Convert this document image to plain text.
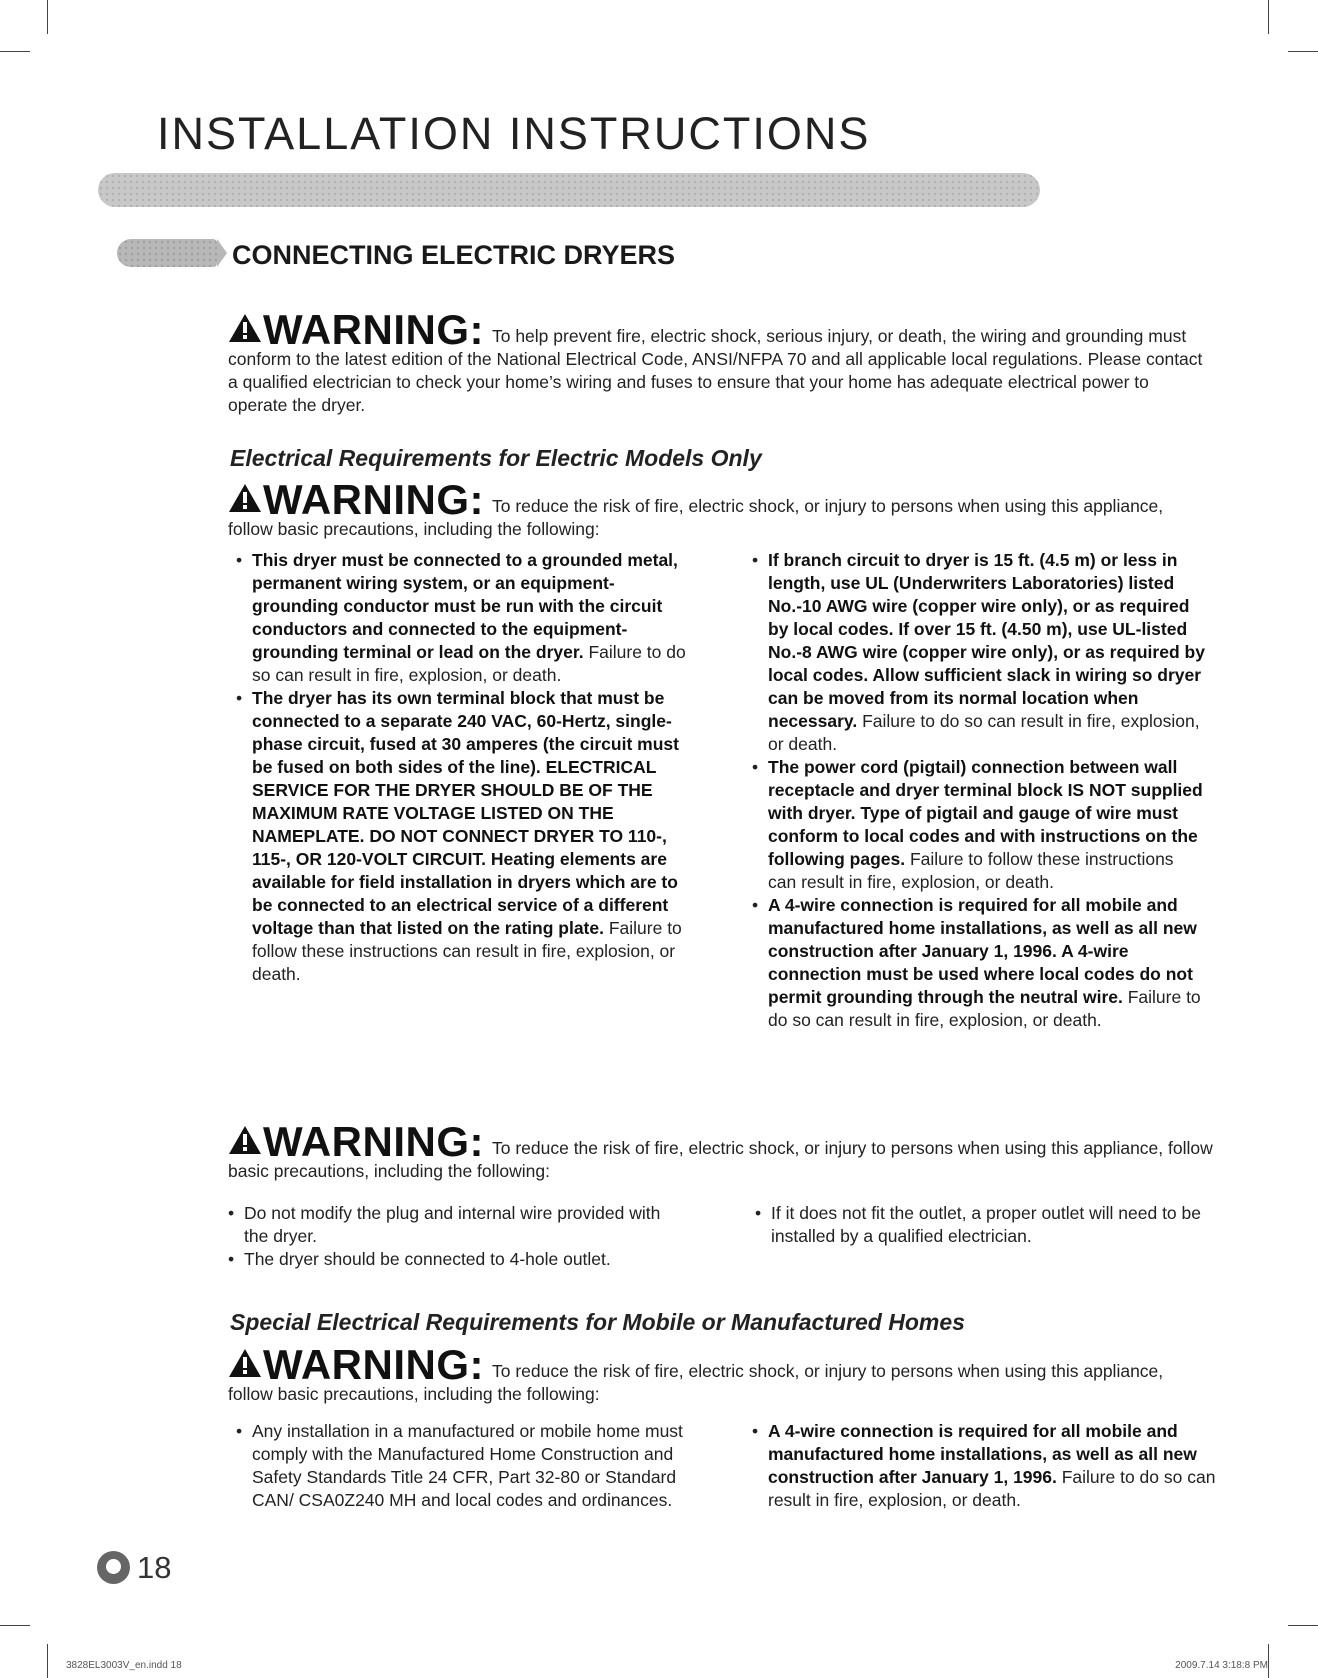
INSTALLATION INSTRUCTIONS
CONNECTING ELECTRIC DRYERS
WARNING: To help prevent fire, electric shock, serious injury, or death, the wiring and grounding must conform to the latest edition of the National Electrical Code, ANSI/NFPA 70 and all applicable local regulations. Please contact a qualified electrician to check your home’s wiring and fuses to ensure that your home has adequate electrical power to operate the dryer.
Electrical Requirements for Electric Models Only
WARNING: To reduce the risk of fire, electric shock, or injury to persons when using this appliance, follow basic precautions, including the following:
• This dryer must be connected to a grounded metal, permanent wiring system, or an equipment-grounding conductor must be run with the circuit conductors and connected to the equipment-grounding terminal or lead on the dryer. Failure to do so can result in fire, explosion, or death.
• The dryer has its own terminal block that must be connected to a separate 240 VAC, 60-Hertz, single-phase circuit, fused at 30 amperes (the circuit must be fused on both sides of the line). ELECTRICAL SERVICE FOR THE DRYER SHOULD BE OF THE MAXIMUM RATE VOLTAGE LISTED ON THE NAMEPLATE. DO NOT CONNECT DRYER TO 110-, 115-, OR 120-VOLT CIRCUIT. Heating elements are available for field installation in dryers which are to be connected to an electrical service of a different voltage than that listed on the rating plate. Failure to follow these instructions can result in fire, explosion, or death.
• If branch circuit to dryer is 15 ft. (4.5 m) or less in length, use UL (Underwriters Laboratories) listed No.-10 AWG wire (copper wire only), or as required by local codes. If over 15 ft. (4.50 m), use UL-listed No.-8 AWG wire (copper wire only), or as required by local codes. Allow sufficient slack in wiring so dryer can be moved from its normal location when necessary. Failure to do so can result in fire, explosion, or death.
• The power cord (pigtail) connection between wall receptacle and dryer terminal block IS NOT supplied with dryer. Type of pigtail and gauge of wire must conform to local codes and with instructions on the following pages. Failure to follow these instructions can result in fire, explosion, or death.
• A 4-wire connection is required for all mobile and manufactured home installations, as well as all new construction after January 1, 1996. A 4-wire connection must be used where local codes do not permit grounding through the neutral wire. Failure to do so can result in fire, explosion, or death.
WARNING: To reduce the risk of fire, electric shock, or injury to persons when using this appliance, follow basic precautions, including the following:
• Do not modify the plug and internal wire provided with the dryer.
• The dryer should be connected to 4-hole outlet.
• If it does not fit the outlet, a proper outlet will need to be installed by a qualified electrician.
Special Electrical Requirements for Mobile or Manufactured Homes
WARNING: To reduce the risk of fire, electric shock, or injury to persons when using this appliance, follow basic precautions, including the following:
• Any installation in a manufactured or mobile home must comply with the Manufactured Home Construction and Safety Standards Title 24 CFR, Part 32-80 or Standard CAN/ CSA0Z240 MH and local codes and ordinances.
• A 4-wire connection is required for all mobile and manufactured home installations, as well as all new construction after January 1, 1996. Failure to do so can result in fire, explosion, or death.
18
3828EL3003V_en.indd 18	2009.7.14 3:18:8 PM
